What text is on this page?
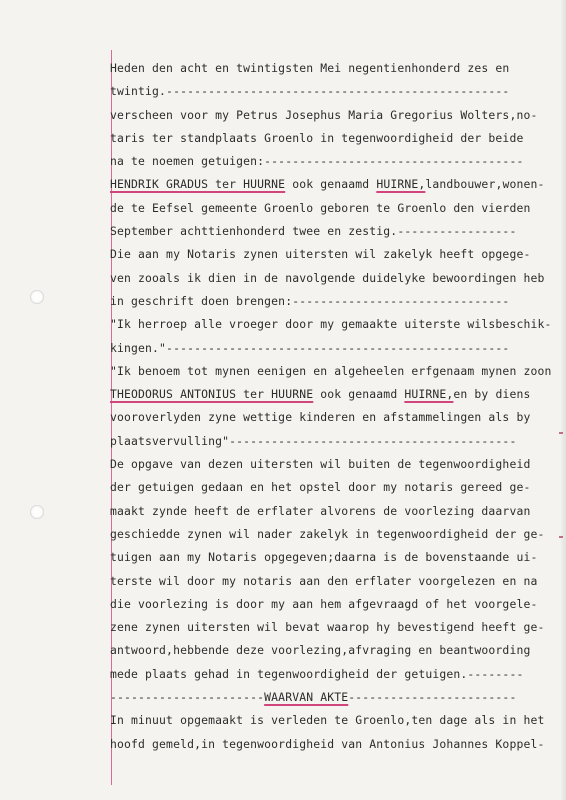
Heden den acht en twintigsten Mei negentienhonderd zes en
twintig.-------------------------------------------------
verscheen voor my Petrus Josephus Maria Gregorius Wolters,no-
taris ter standplaats Groenlo in tegenwoordigheid der beide
na te noemen getuigen:-------------------------------------
HENDRIK GRADUS ter HUURNE ook genaamd HUIRNE,landbouwer,wonen-
de te Eefsel gemeente Groenlo geboren te Groenlo den vierden
September achttienhonderd twee en zestig.-----------------
Die aan my Notaris zynen uitersten wil zakelyk heeft opgege-
ven zooals ik dien in de navolgende duidelyke bewoordingen heb
in geschrift doen brengen:-------------------------------
"Ik herroep alle vroeger door my gemaakte uiterste wilsbeschik-
kingen."-------------------------------------------------
"Ik benoem tot mynen eenigen en algeheelen erfgenaam mynen zoon
THEODORUS ANTONIUS ter HUURNE ook genaamd HUIRNE,en by diens
vooroverlyden zyne wettige kinderen en afstammelingen als by
plaatsvervulling"-----------------------------------------
De opgave van dezen uitersten wil buiten de tegenwoordigheid
der getuigen gedaan en het opstel door my notaris gereed ge-
maakt zynde heeft de erflater alvorens de voorlezing daarvan
geschiedde zynen wil nader zakelyk in tegenwoordigheid der ge-
tuigen aan my Notaris opgegeven;daarna is de bovenstaande ui-
terste wil door my notaris aan den erflater voorgelezen en na
die voorlezing is door my aan hem afgevraagd of het voorgele-
zene zynen uitersten wil bevat waarop hy bevestigend heeft ge-
antwoord,hebbende deze voorlezing,afvraging en beantwoording
mede plaats gehad in tegenwoordigheid der getuigen.--------
----------------------WAARVAN AKTE------------------------
In minuut opgemaakt is verleden te Groenlo,ten dage als in het
hoofd gemeld,in tegenwoordigheid van Antonius Johannes Koppel-
